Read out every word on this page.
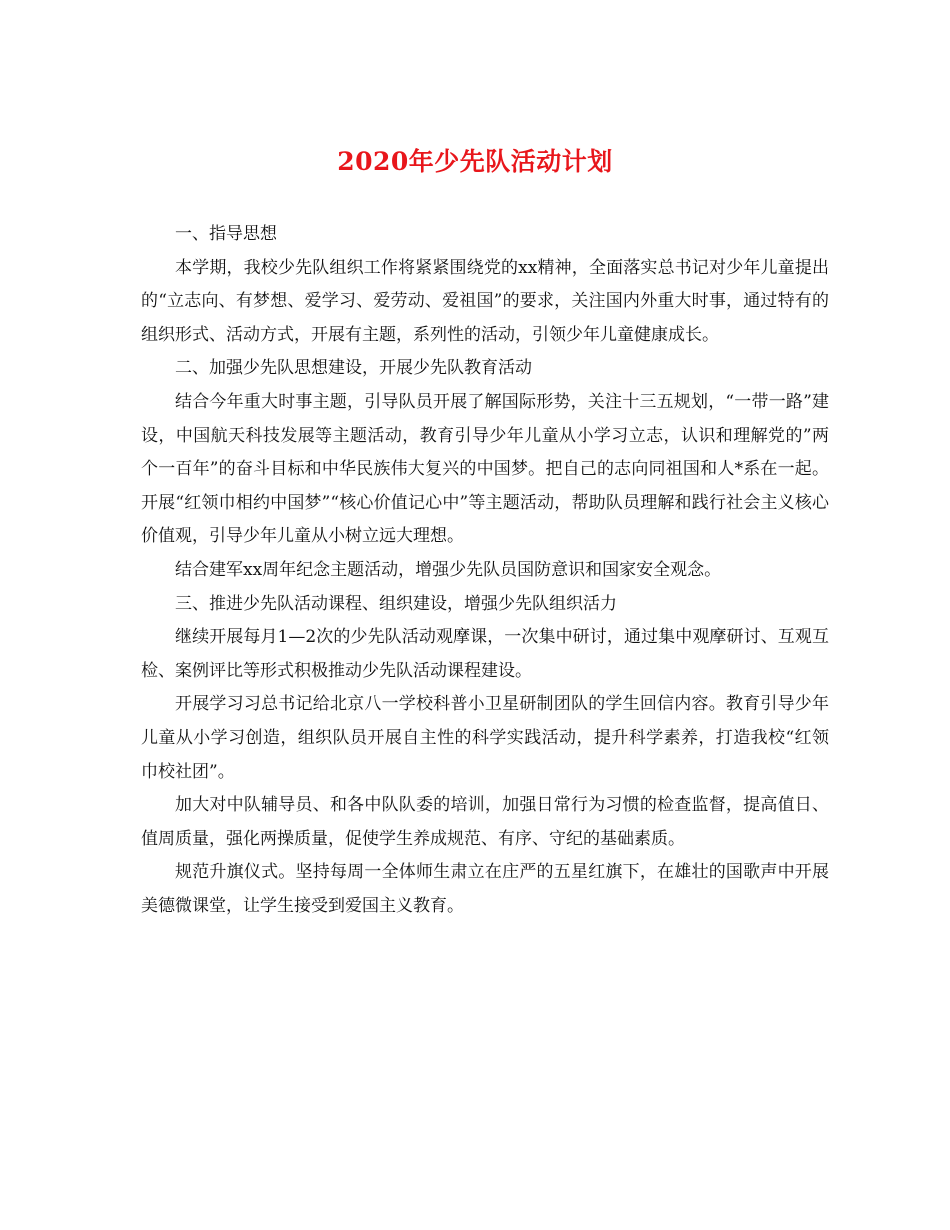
2020年少先队活动计划

一、指导思想

本学期，我校少先队组织工作将紧紧围绕党的xx精神，全面落实总书记对少年儿童提出的“立志向、有梦想、爱学习、爱劳动、爱祖国”的要求，关注国内外重大时事，通过特有的组织形式、活动方式，开展有主题，系列性的活动，引领少年儿童健康成长。

二、加强少先队思想建设，开展少先队教育活动

结合今年重大时事主题，引导队员开展了解国际形势，关注十三五规划，“一带一路”建设，中国航天科技发展等主题活动，教育引导少年儿童从小学习立志，认识和理解党的”两个一百年”的奋斗目标和中华民族伟大复兴的中国梦。把自己的志向同祖国和人*系在一起。开展“红领巾相约中国梦”“核心价值记心中”等主题活动，帮助队员理解和践行社会主义核心价值观，引导少年儿童从小树立远大理想。

结合建军xx周年纪念主题活动，增强少先队员国防意识和国家安全观念。

三、推进少先队活动课程、组织建设，增强少先队组织活力

继续开展每月1—2次的少先队活动观摩课，一次集中研讨，通过集中观摩研讨、互观互检、案例评比等形式积极推动少先队活动课程建设。

开展学习习总书记给北京八一学校科普小卫星研制团队的学生回信内容。教育引导少年儿童从小学习创造，组织队员开展自主性的科学实践活动，提升科学素养，打造我校“红领巾校社团”。

加大对中队辅导员、和各中队队委的培训，加强日常行为习惯的检查监督，提高值日、值周质量，强化两操质量，促使学生养成规范、有序、守纪的基础素质。

规范升旗仪式。坚持每周一全体师生肃立在庄严的五星红旗下，在雄壮的国歌声中开展美德微课堂，让学生接受到爱国主义教育。
